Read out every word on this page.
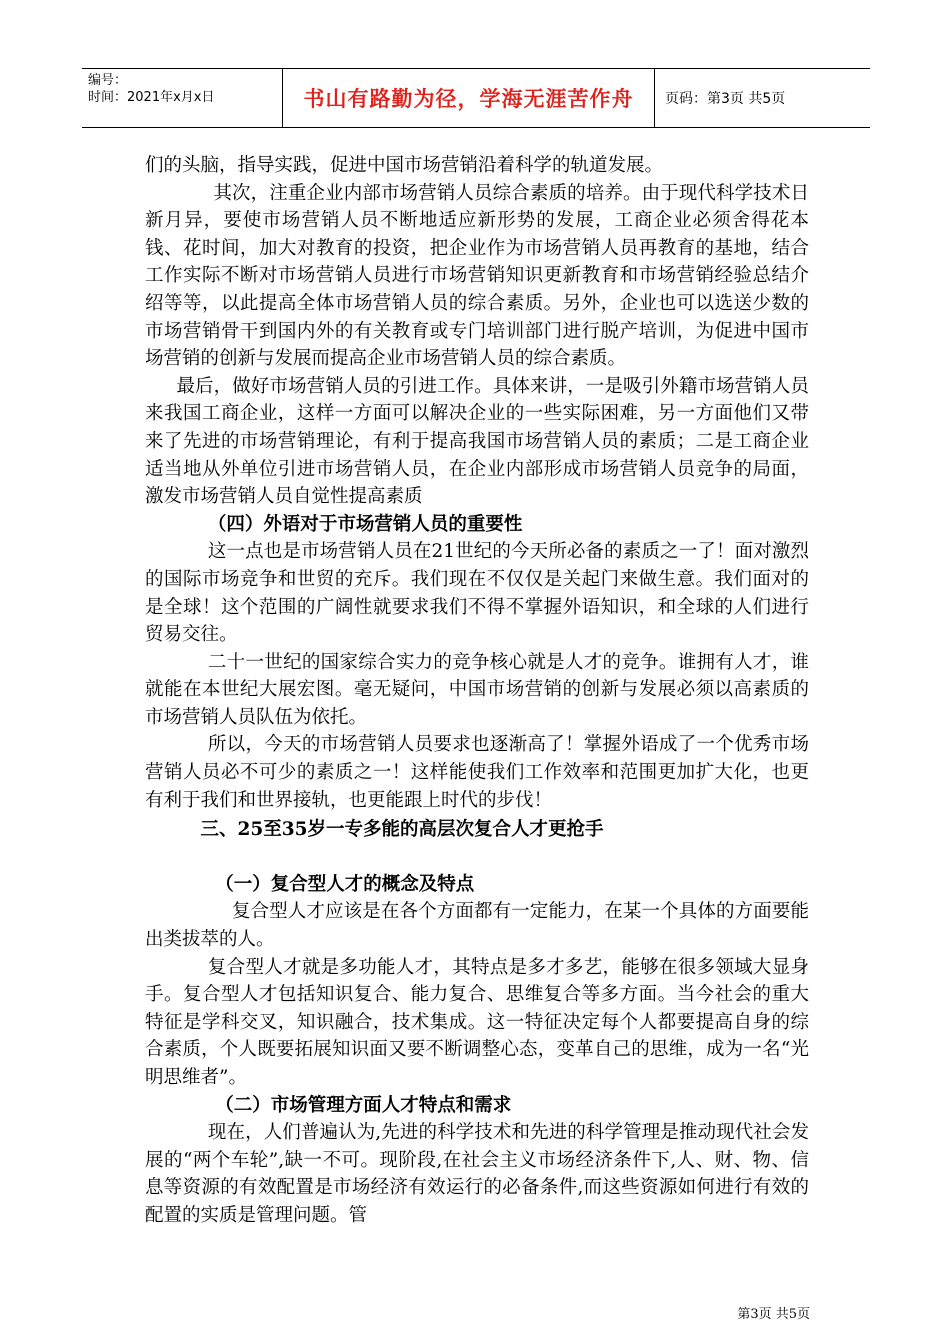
编号：
时间：2021年x月x日	书山有路勤为径，学海无涯苦作舟	页码：第3页 共5页

们的头脑，指导实践，促进中国市场营销沿着科学的轨道发展。

其次，注重企业内部市场营销人员综合素质的培养。由于现代科学技术日新月异，要使市场营销人员不断地适应新形势的发展，工商企业必须舍得花本钱、花时间，加大对教育的投资，把企业作为市场营销人员再教育的基地，结合工作实际不断对市场营销人员进行市场营销知识更新教育和市场营销经验总结介绍等等，以此提高全体市场营销人员的综合素质。另外，企业也可以选送少数的市场营销骨干到国内外的有关教育或专门培训部门进行脱产培训，为促进中国市场营销的创新与发展而提高企业市场营销人员的综合素质。

最后，做好市场营销人员的引进工作。具体来讲，一是吸引外籍市场营销人员来我国工商企业，这样一方面可以解决企业的一些实际困难，另一方面他们又带来了先进的市场营销理论，有利于提高我国市场营销人员的素质；二是工商企业适当地从外单位引进市场营销人员，在企业内部形成市场营销人员竞争的局面，激发市场营销人员自觉性提高素质

（四）外语对于市场营销人员的重要性

这一点也是市场营销人员在21世纪的今天所必备的素质之一了！面对激烈的国际市场竞争和世贸的充斥。我们现在不仅仅是关起门来做生意。我们面对的是全球！这个范围的广阔性就要求我们不得不掌握外语知识，和全球的人们进行贸易交往。

二十一世纪的国家综合实力的竞争核心就是人才的竞争。谁拥有人才，谁就能在本世纪大展宏图。毫无疑问，中国市场营销的创新与发展必须以高素质的市场营销人员队伍为依托。

所以，今天的市场营销人员要求也逐渐高了！掌握外语成了一个优秀市场营销人员必不可少的素质之一！这样能使我们工作效率和范围更加扩大化，也更有利于我们和世界接轨，也更能跟上时代的步伐！

三、25至35岁一专多能的高层次复合人才更抢手

（一）复合型人才的概念及特点

复合型人才应该是在各个方面都有一定能力，在某一个具体的方面要能出类拔萃的人。

复合型人才就是多功能人才，其特点是多才多艺，能够在很多领域大显身手。复合型人才包括知识复合、能力复合、思维复合等多方面。当今社会的重大特征是学科交叉，知识融合，技术集成。这一特征决定每个人都要提高自身的综合素质，个人既要拓展知识面又要不断调整心态，变革自己的思维，成为一名“光明思维者”。

（二）市场管理方面人才特点和需求

现在，人们普遍认为,先进的科学技术和先进的科学管理是推动现代社会发展的“两个车轮”,缺一不可。现阶段,在社会主义市场经济条件下,人、财、物、信息等资源的有效配置是市场经济有效运行的必备条件,而这些资源如何进行有效的配置的实质是管理问题。管

第3页 共5页
